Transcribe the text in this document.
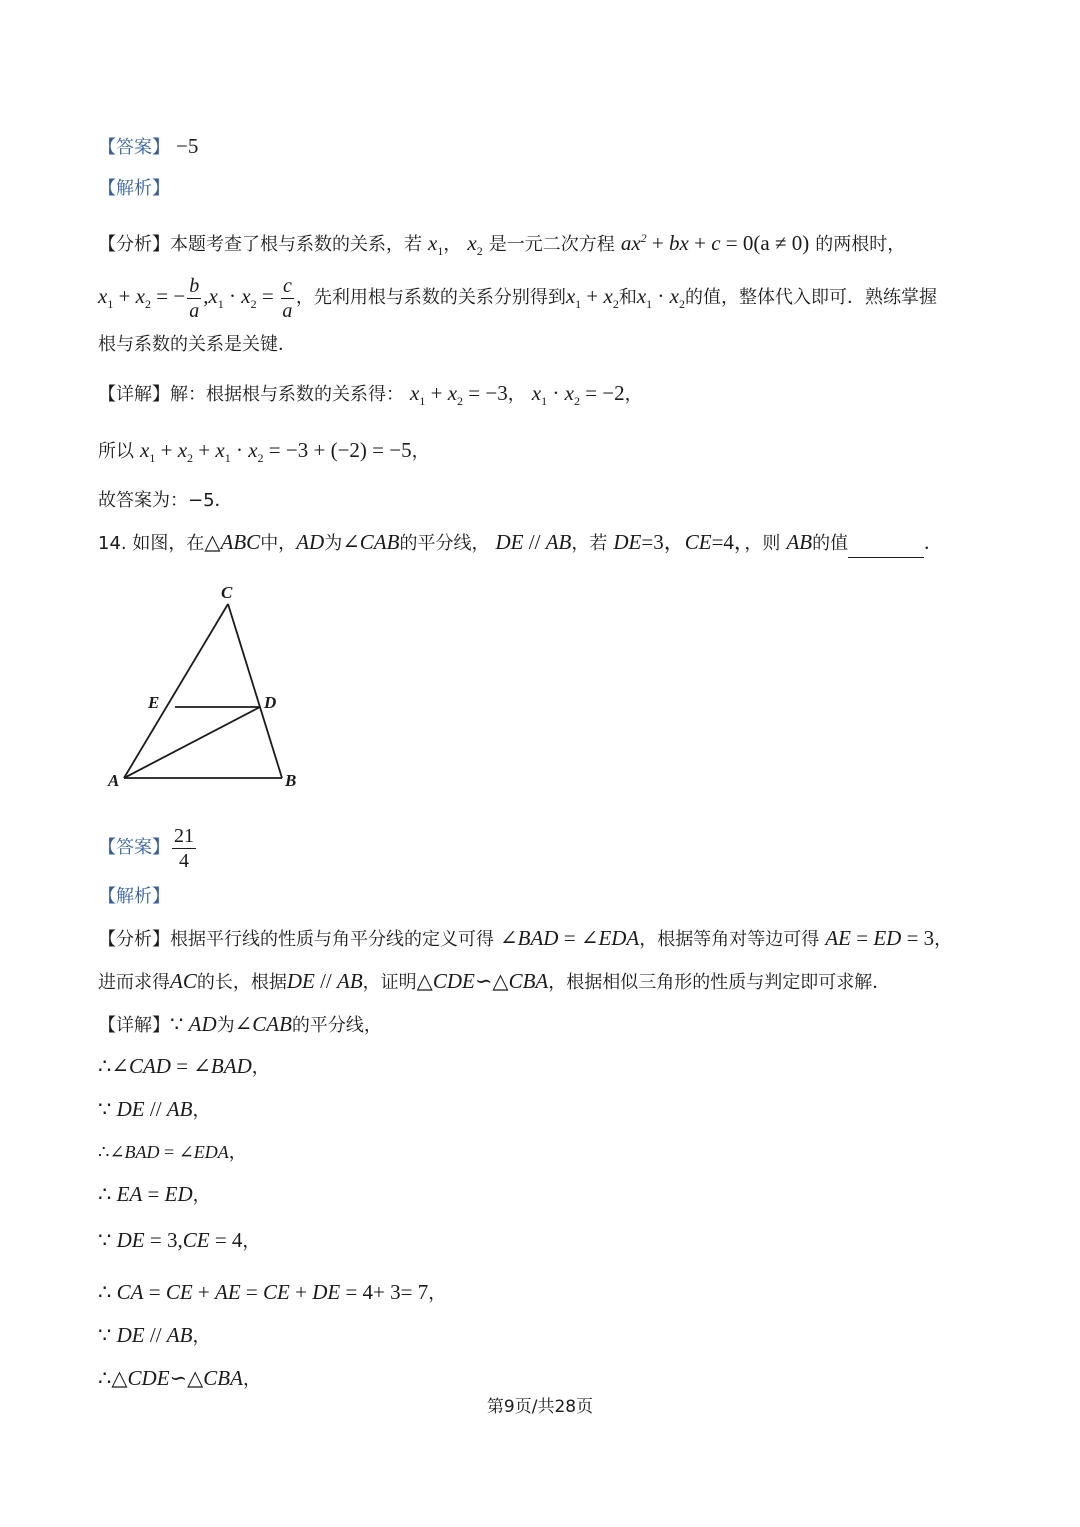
【答案】 −5
【解析】
【分析】本题考查了根与系数的关系，若 $x_1$， $x_2$ 是一元二次方程 $ax^2$ + bx + c = 0(a ≠ 0) 的两根时，
$x_1 + x_2$ = − $\frac{b}{a} ,x_1 \cdot x_2 = \frac{c}{a}$ ，先利用根与系数的关系分别得到$x_1 + x_2$和$x_1 \cdot x_2$的值，整体代入即可．熟练掌握
根与系数的关系是关键．
【详解】解：根据根与系数的关系得： $x_1 + x_2 = -3$， $x_1 \cdot x_2 = -2$，
所以 $x_1 + x_2 + x_1 \cdot x_2 = -3 + (-2) = -5$，
故答案为：−5．
14. 如图，在△ABC中，AD为∠CAB的平分线， DE // AB，若 DE=3，CE=4，，则 AB的值	.
C
E	D
A	B
【答案】 $\frac{21}{4}$
【解析】
【分析】根据平行线的性质与角平分线的定义可得 ∠BAD = ∠EDA，根据等角对等边可得 AE = ED = 3，
进而求得AC的长，根据DE // AB，证明△CDE∽△CBA，根据相似三角形的性质与判定即可求解．
【详解】∵ AD为∠CAB的平分线，
∴∠CAD = ∠BAD，
∵ DE // AB，
∴∠BAD = ∠EDA，
∴ EA = ED，
∵ DE = 3,CE = 4，
∴ CA = CE + AE = CE + DE = 4+ 3= 7，
∵ DE // AB，
∴△CDE∽△CBA，
第9页/共28页
